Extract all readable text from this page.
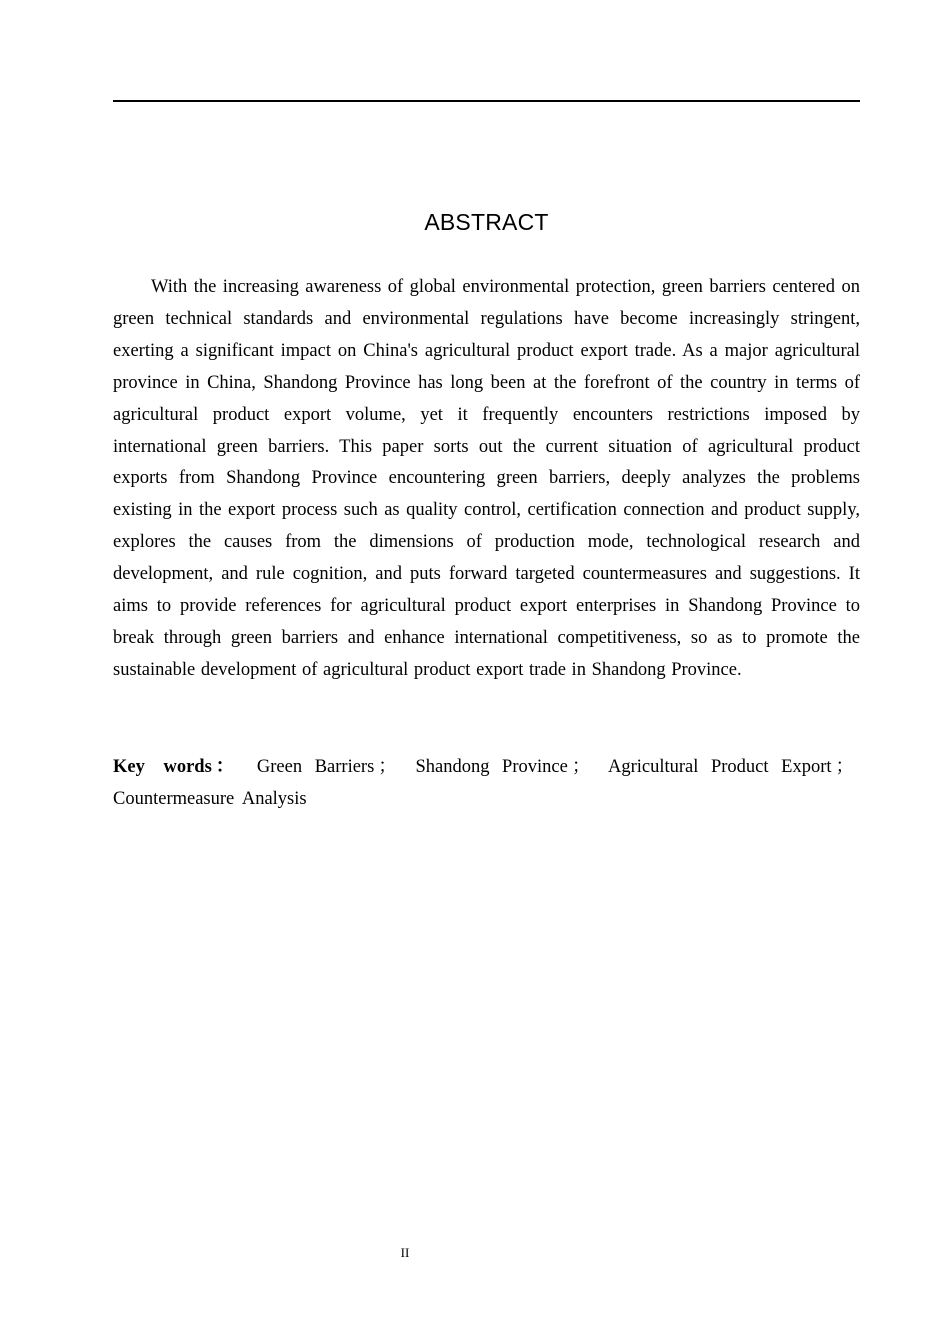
ABSTRACT

With the increasing awareness of global environmental protection, green barriers centered on green technical standards and environmental regulations have become increasingly stringent, exerting a significant impact on China's agricultural product export trade. As a major agricultural province in China, Shandong Province has long been at the forefront of the country in terms of agricultural product export volume, yet it frequently encounters restrictions imposed by international green barriers. This paper sorts out the current situation of agricultural product exports from Shandong Province encountering green barriers, deeply analyzes the problems existing in the export process such as quality control, certification connection and product supply, explores the causes from the dimensions of production mode, technological research and development, and rule cognition, and puts forward targeted countermeasures and suggestions. It aims to provide references for agricultural product export enterprises in Shandong Province to break through green barriers and enhance international competitiveness, so as to promote the sustainable development of agricultural product export trade in Shandong Province.

Key words： Green Barriers ； Shandong Province ； Agricultural Product Export ； Countermeasure Analysis

II
